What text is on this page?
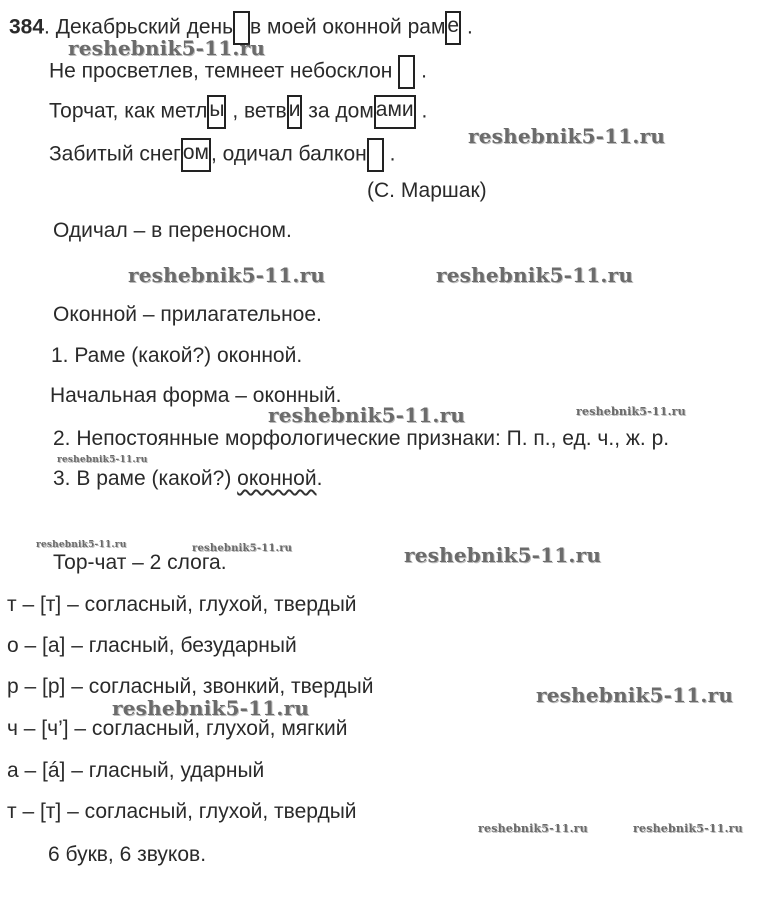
384. Декабрьский день в моей оконной раме .
Не просветлев, темнеет небосклон .
Торчат, как метлы , ветви за домами .
Забитый снегом, одичал балкон .
(С. Маршак)
Одичал – в переносном.
Оконной – прилагательное.
1. Раме (какой?) оконной.
Начальная форма – оконный.
2. Непостоянные морфологические признаки: П. п., ед. ч., ж. р.
3. В раме (какой?) оконной.
Тор-чат – 2 слога.
т – [т] – согласный, глухой, твердый
о – [а] – гласный, безударный
р – [р] – согласный, звонкий, твердый
ч – [ч’] – согласный, глухой, мягкий
а – [á] – гласный, ударный
т – [т] – согласный, глухой, твердый
6 букв, 6 звуков.
reshebnik5-11.ru
reshebnik5-11.ru
reshebnik5-11.ru	reshebnik5-11.ru
reshebnik5-11.ru	reshebnik5-11.ru
reshebnik5-11.ru
reshebnik5-11.ru	reshebnik5-11.ru	reshebnik5-11.ru
reshebnik5-11.ru
reshebnik5-11.ru
reshebnik5-11.ru	reshebnik5-11.ru
